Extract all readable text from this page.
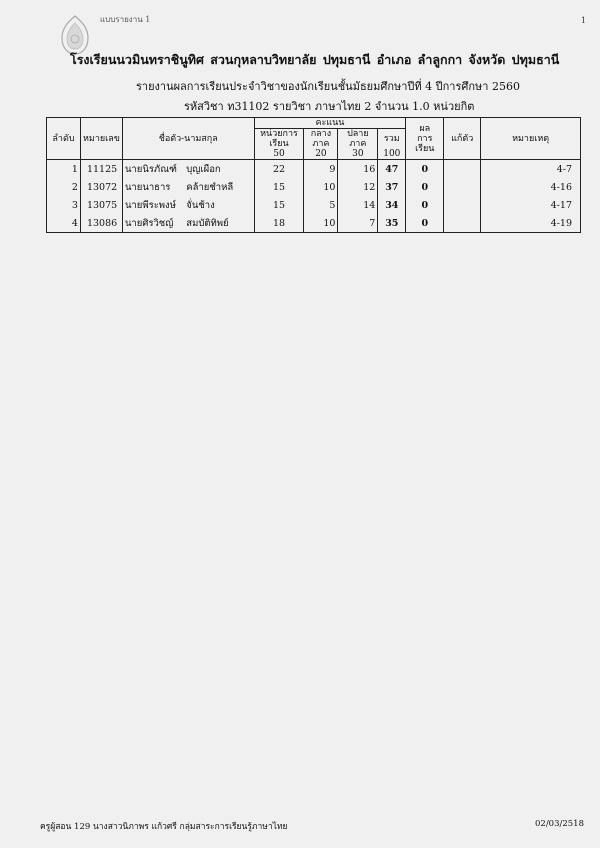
แบบรายงาน 1	1
โรงเรียนนวมินทราชินูทิศ สวนกุหลาบวิทยาลัย ปทุมธานี อำเภอ ลำลูกกา จังหวัด ปทุมธานี
รายงานผลการเรียนประจำวิชาของนักเรียนชั้นมัธยมศึกษาปีที่ 4 ปีการศึกษา 2560
รหัสวิชา ท31102 รายวิชา ภาษาไทย 2 จำนวน 1.0 หน่วยกิต
ลำดับ	หมายเลข	ชื่อตัว-นามสกุล		คะแนน				ผล
การเรียน	แก้ตัว	หมายเหตุ
				หน่วยการเรียน	กลางภาค	ปลายภาค	รวม			
				50	20	30	100			
1	11125	นายนิรภัณฑ์	บุญเผือก	22	9	16	47	0		4-7
2	13072	นายนาธาร	คล้ายชำหลี	15	10	12	37	0		4-16
3	13075	นายพีระพงษ์	จั่นช้าง	15	5	14	34	0		4-17
4	13086	นายศิรวิชญ์	สมบัติทิพย์	18	10	7	35	0		4-19
ครูผู้สอน 129 นางสาวนิภาพร แก้วศรี กลุ่มสาระการเรียนรู้ภาษาไทย	02/03/2518
